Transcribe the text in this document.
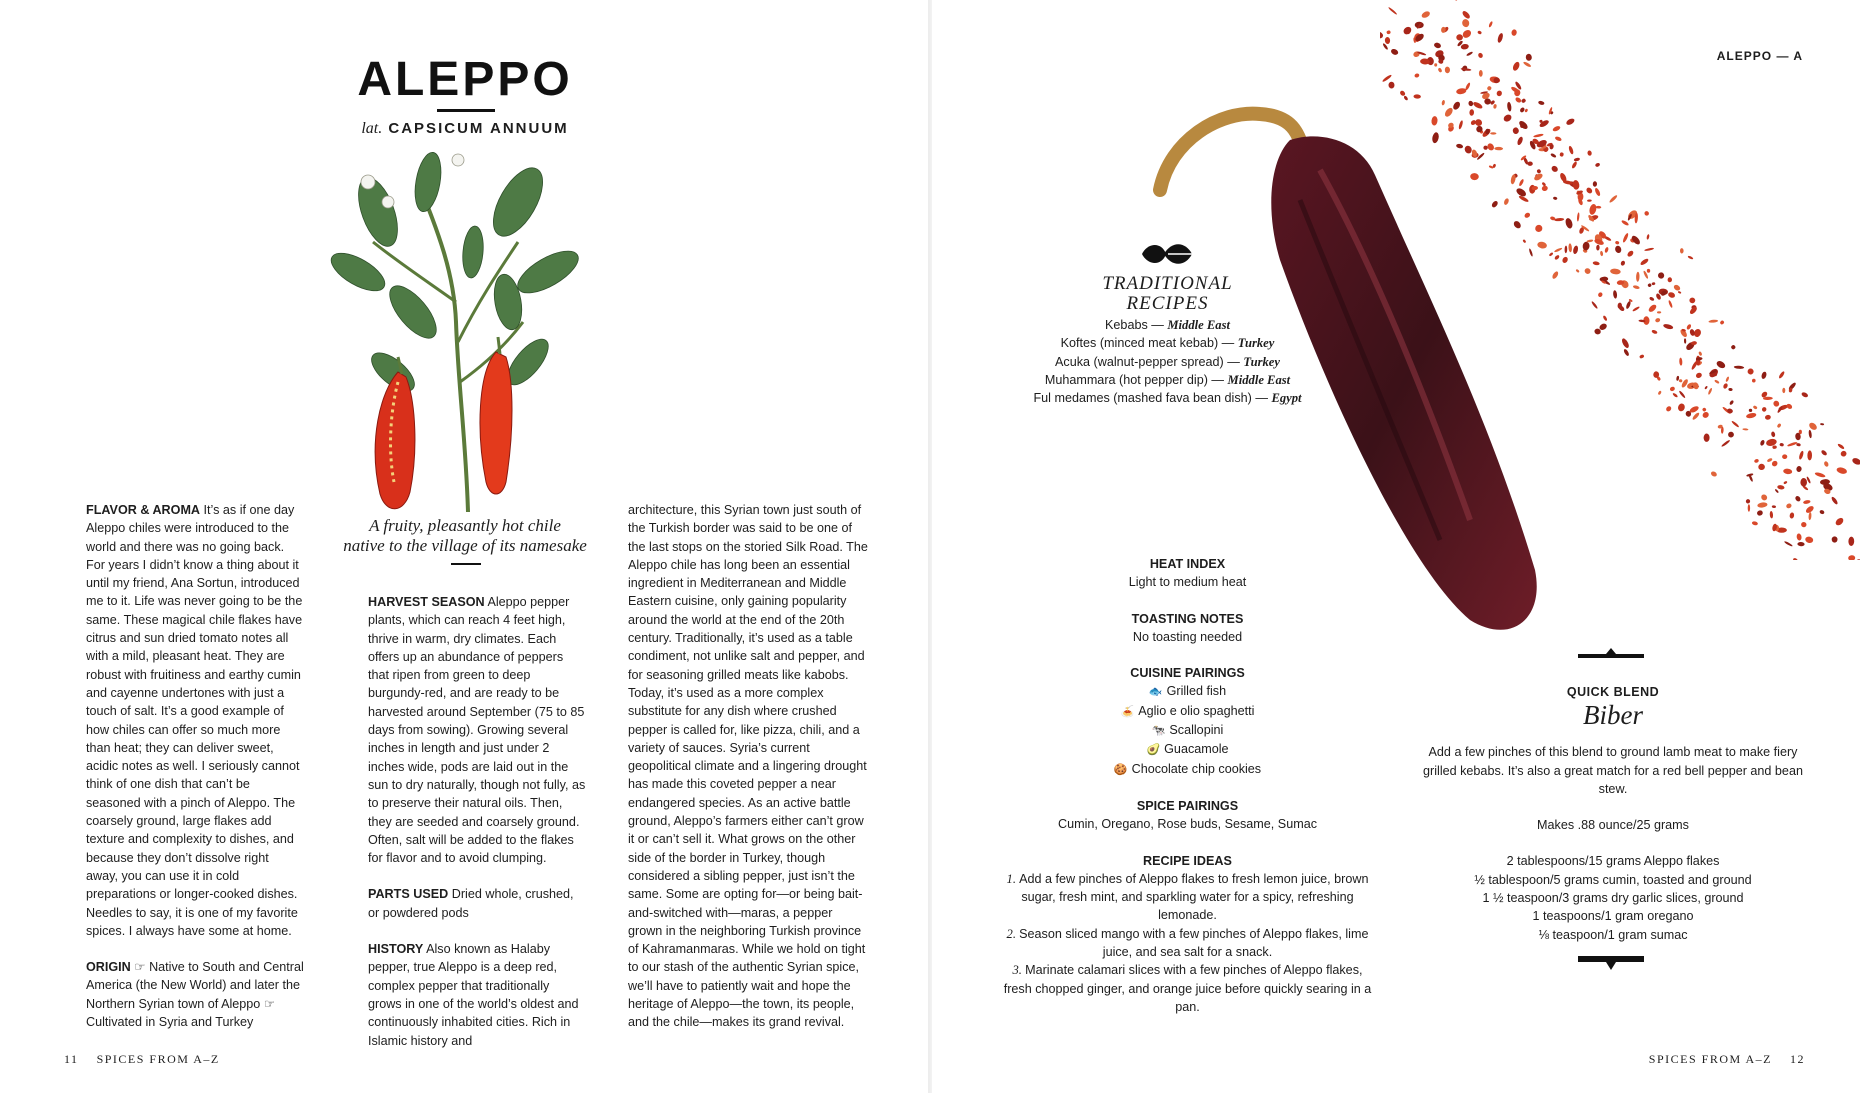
ALEPPO
lat. CAPSICUM ANNUUM
A fruity, pleasantly hot chile
native to the village of its namesake

FLAVOR & AROMA It’s as if one day Aleppo chiles were introduced to the world and there was no going back. For years I didn’t know a thing about it until my friend, Ana Sortun, introduced me to it. Life was never going to be the same. These magical chile flakes have citrus and sun dried tomato notes all with a mild, pleasant heat. They are robust with fruitiness and earthy cumin and cayenne undertones with just a touch of salt. It’s a good example of how chiles can offer so much more than heat; they can deliver sweet, acidic notes as well. I seriously cannot think of one dish that can’t be seasoned with a pinch of Aleppo. The coarsely ground, large flakes add texture and complexity to dishes, and because they don’t dissolve right away, you can use it in cold preparations or longer-cooked dishes. Needles to say, it is one of my favorite spices. I always have some at home.

ORIGIN ☞ Native to South and Central America (the New World) and later the Northern Syrian town of Aleppo ☞ Cultivated in Syria and Turkey

HARVEST SEASON Aleppo pepper plants, which can reach 4 feet high, thrive in warm, dry climates. Each offers up an abundance of peppers that ripen from green to deep burgundy-red, and are ready to be harvested around September (75 to 85 days from sowing). Growing several inches in length and just under 2 inches wide, pods are laid out in the sun to dry naturally, though not fully, as to preserve their natural oils. Then, they are seeded and coarsely ground. Often, salt will be added to the flakes for flavor and to avoid clumping.

PARTS USED Dried whole, crushed, or powdered pods

HISTORY Also known as Halaby pepper, true Aleppo is a deep red, complex pepper that traditionally grows in one of the world’s oldest and continuously inhabited cities. Rich in Islamic history and

architecture, this Syrian town just south of the Turkish border was said to be one of the last stops on the storied Silk Road. The Aleppo chile has long been an essential ingredient in Mediterranean and Middle Eastern cuisine, only gaining popularity around the world at the end of the 20th century. Traditionally, it’s used as a table condiment, not unlike salt and pepper, and for seasoning grilled meats like kabobs. Today, it’s used as a more complex substitute for any dish where crushed pepper is called for, like pizza, chili, and a variety of sauces. Syria’s current geopolitical climate and a lingering drought has made this coveted pepper a near endangered species. As an active battle ground, Aleppo’s farmers either can’t grow it or can’t sell it. What grows on the other side of the border in Turkey, though considered a sibling pepper, just isn’t the same. Some are opting for—or being bait-and-switched with—maras, a pepper grown in the neighboring Turkish province of Kahramanmaras. While we hold on tight to our stash of the authentic Syrian spice, we’ll have to patiently wait and hope the heritage of Aleppo—the town, its people, and the chile—makes its grand revival.

11 SPICES FROM A–Z
ALEPPO — A
TRADITIONAL
RECIPES
Kebabs — Middle East
Koftes (minced meat kebab) — Turkey
Acuka (walnut-pepper spread) — Turkey
Muhammara (hot pepper dip) — Middle East
Ful medames (mashed fava bean dish) — Egypt
HEAT INDEX
Light to medium heat
TOASTING NOTES
No toasting needed
CUISINE PAIRINGS
🐟 Grilled fish
🍝 Aglio e olio spaghetti
🐄 Scallopini
🥑 Guacamole
🍪 Chocolate chip cookies
SPICE PAIRINGS
Cumin, Oregano, Rose buds, Sesame, Sumac
RECIPE IDEAS
1. Add a few pinches of Aleppo flakes to fresh lemon juice, brown sugar, fresh mint, and sparkling water for a spicy, refreshing lemonade.
2. Season sliced mango with a few pinches of Aleppo flakes, lime juice, and sea salt for a snack.
3. Marinate calamari slices with a few pinches of Aleppo flakes, fresh chopped ginger, and orange juice before quickly searing in a pan.
QUICK BLEND
Biber
Add a few pinches of this blend to ground lamb meat to make fiery grilled kebabs. It’s also a great match for a red bell pepper and bean stew.
Makes .88 ounce/25 grams
2 tablespoons/15 grams Aleppo flakes
½ tablespoon/5 grams cumin, toasted and ground
1 ½ teaspoon/3 grams dry garlic slices, ground
1 teaspoons/1 gram oregano
⅛ teaspoon/1 gram sumac
SPICES FROM A–Z 12
